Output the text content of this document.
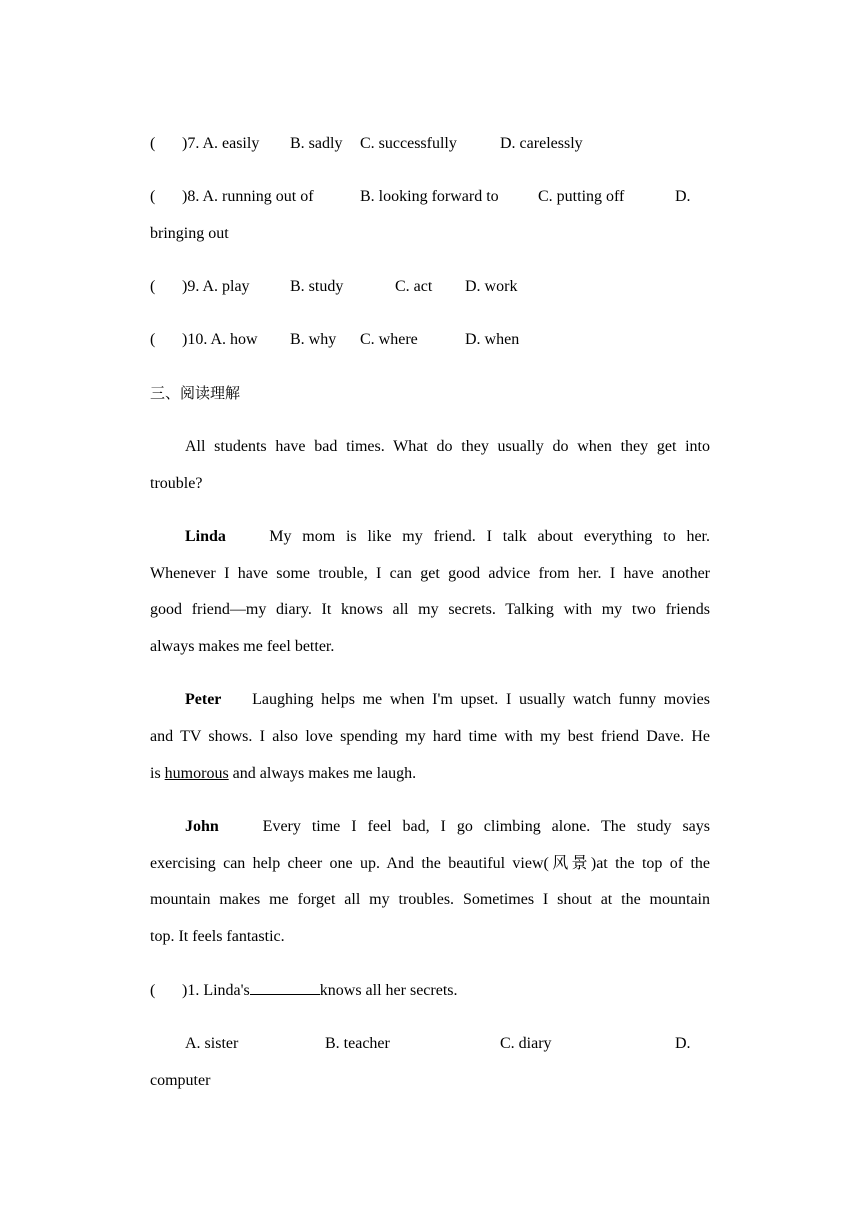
( )7. A. easily B. sadly C. successfully	D. carelessly
( )8. A. running out of	B. looking forward to C. putting off	D.
bringing out
( )9. A. play	B. study	C. act D. work
( )10. A. how B. why C. where	D. when
三、阅读理解
All students have bad times. What do they usually do when they get into
trouble?
Linda	My mom is like my friend. I talk about everything to her.
Whenever I have some trouble, I can get good advice from her. I have another
good friend—my diary. It knows all my secrets. Talking with my two friends
always makes me feel better.
Peter Laughing helps me when I'm upset. I usually watch funny movies
and TV shows. I also love spending my hard time with my best friend Dave. He
is humorous and always makes me laugh.
John	Every time I feel bad, I go climbing alone. The study says
exercising can help cheer one up. And the beautiful view(风景)at the top of the
mountain makes me forget all my troubles. Sometimes I shout at the mountain
top. It feels fantastic.
( )1. Linda's	knows all her secrets.
A. sister	B. teacher	C. diary	D.
computer
